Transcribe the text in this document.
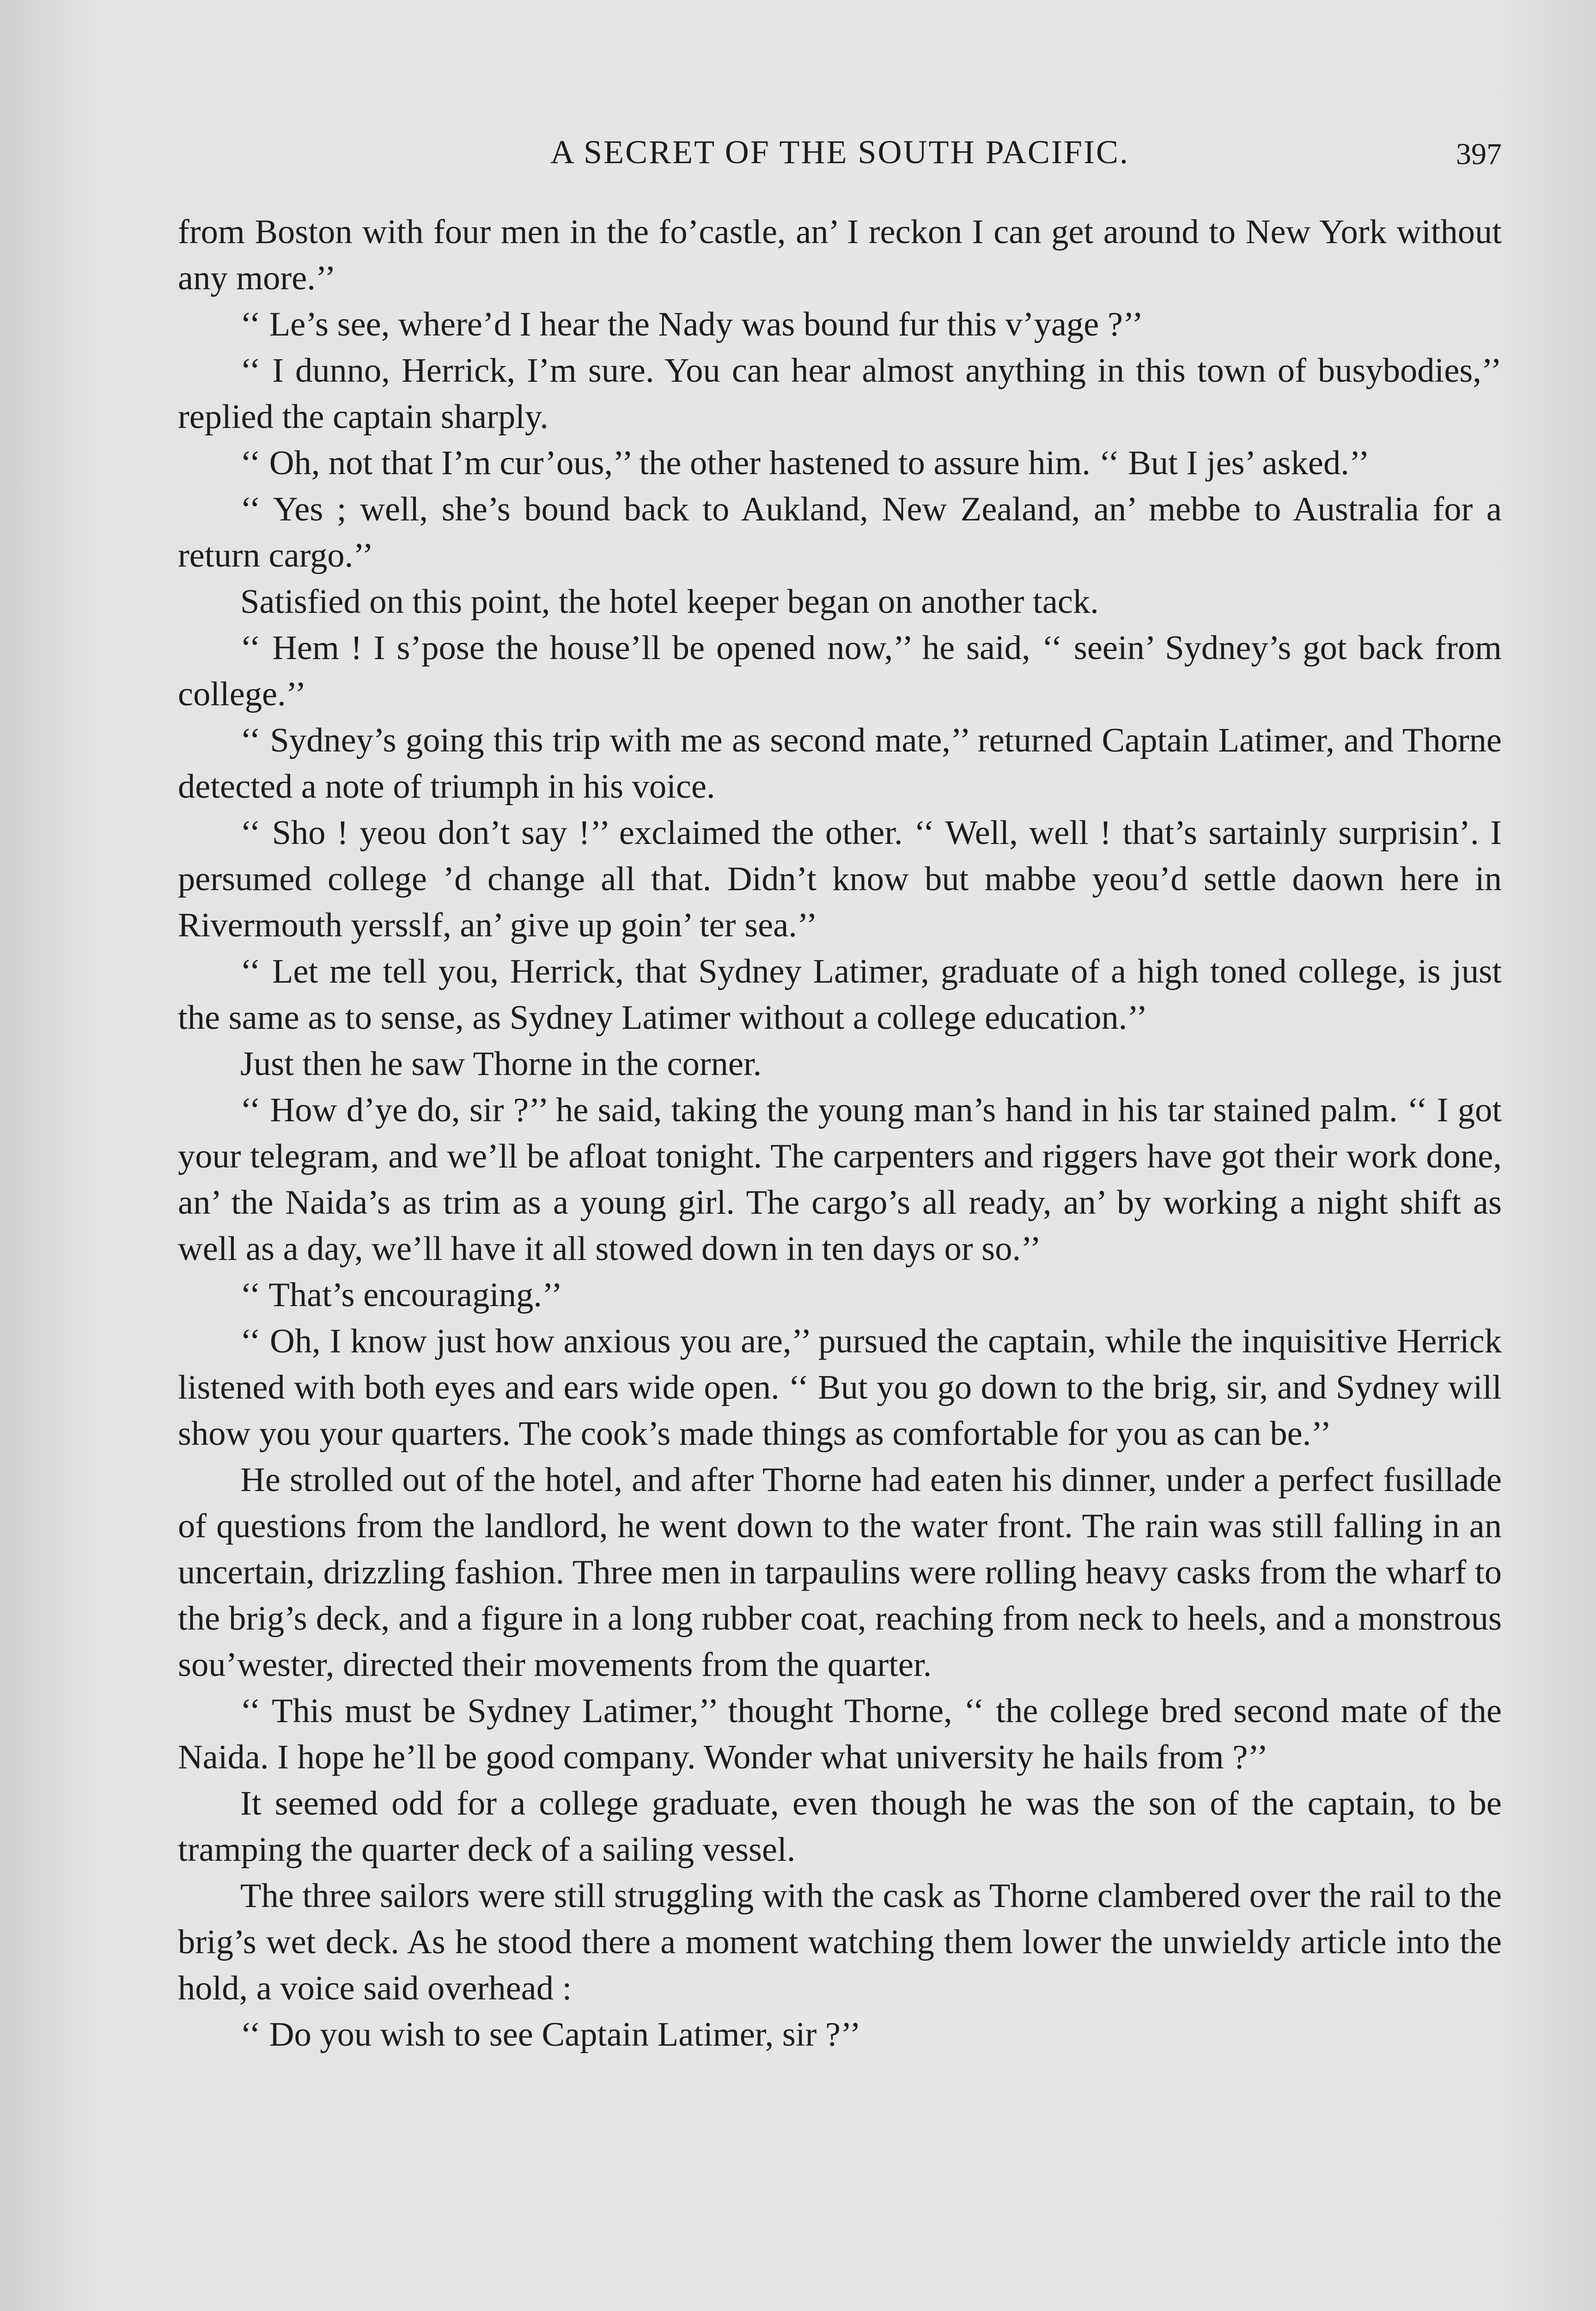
A SECRET OF THE SOUTH PACIFIC.	397

from Boston with four men in the fo’castle, an’ I reckon I can get around to New York without any more.’’

‘‘ Le’s see, where’d I hear the Nady was bound fur this v’yage ?’’

‘‘ I dunno, Herrick, I’m sure. You can hear almost anything in this town of busybodies,’’ replied the captain sharply.

‘‘ Oh, not that I’m cur’ous,’’ the other hastened to assure him. ‘‘ But I jes’ asked.’’

‘‘ Yes ; well, she’s bound back to Aukland, New Zealand, an’ mebbe to Australia for a return cargo.’’

Satisfied on this point, the hotel keeper began on another tack.

‘‘ Hem ! I s’pose the house’ll be opened now,’’ he said, ‘‘ seein’ Sydney’s got back from college.’’

‘‘ Sydney’s going this trip with me as second mate,’’ returned Captain Latimer, and Thorne detected a note of triumph in his voice.

‘‘ Sho ! yeou don’t say !’’ exclaimed the other. ‘‘ Well, well ! that’s sartainly surprisin’. I persumed college ’d change all that. Didn’t know but mabbe yeou’d settle daown here in Rivermouth yersslf, an’ give up goin’ ter sea.’’

‘‘ Let me tell you, Herrick, that Sydney Latimer, graduate of a high toned college, is just the same as to sense, as Sydney Latimer without a college education.’’

Just then he saw Thorne in the corner.

‘‘ How d’ye do, sir ?’’ he said, taking the young man’s hand in his tar stained palm. ‘‘ I got your telegram, and we’ll be afloat tonight. The carpenters and riggers have got their work done, an’ the Naida’s as trim as a young girl. The cargo’s all ready, an’ by working a night shift as well as a day, we’ll have it all stowed down in ten days or so.’’

‘‘ That’s encouraging.’’

‘‘ Oh, I know just how anxious you are,’’ pursued the captain, while the inquisitive Herrick listened with both eyes and ears wide open. ‘‘ But you go down to the brig, sir, and Sydney will show you your quarters. The cook’s made things as comfortable for you as can be.’’

He strolled out of the hotel, and after Thorne had eaten his dinner, under a perfect fusillade of questions from the landlord, he went down to the water front. The rain was still falling in an uncertain, drizzling fashion. Three men in tarpaulins were rolling heavy casks from the wharf to the brig’s deck, and a figure in a long rubber coat, reaching from neck to heels, and a monstrous sou’wester, directed their movements from the quarter.

‘‘ This must be Sydney Latimer,’’ thought Thorne, ‘‘ the college bred second mate of the Naida. I hope he’ll be good company. Wonder what university he hails from ?’’

It seemed odd for a college graduate, even though he was the son of the captain, to be tramping the quarter deck of a sailing vessel.

The three sailors were still struggling with the cask as Thorne clambered over the rail to the brig’s wet deck. As he stood there a moment watching them lower the unwieldy article into the hold, a voice said overhead :

‘‘ Do you wish to see Captain Latimer, sir ?’’
